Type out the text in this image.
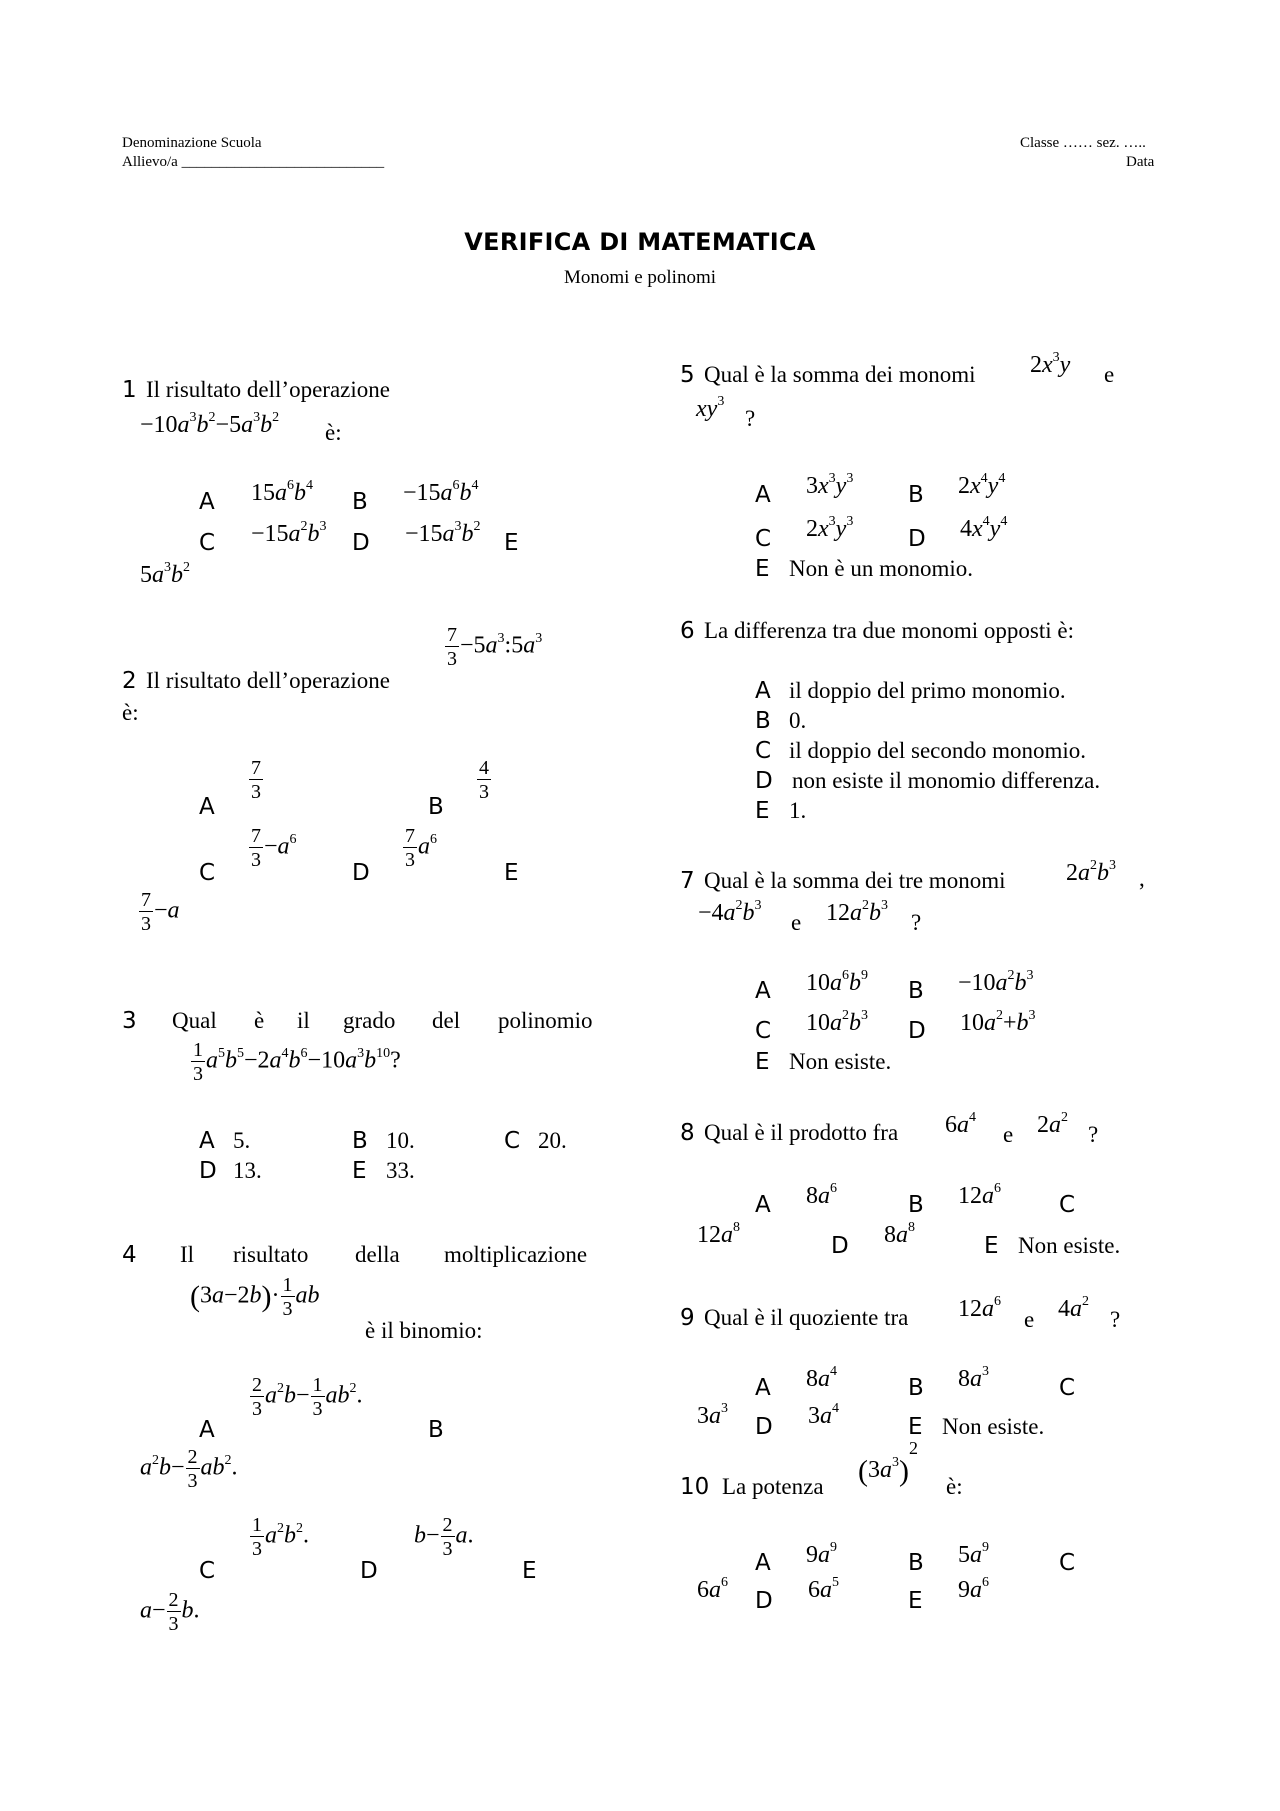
Denominazione Scuola
Allievo/a ___________________________
Classe …… sez. …..
Data
VERIFICA DI MATEMATICA
Monomi e polinomi
1 Il risultato dell’operazione
$-10a^3b^2-5a^3b^2$
è:
A $15a^6b^4$
$B -15a^6b^4$
$C -15a^2b^3$
$D -15a^3b^2$
E
$5a^3b^2$
2 Il risultato dell’operazione
$\frac{7}{3}$ $-5a^3:5a^3$
è:
A
$\frac{7}{3}$
B
$\frac{4}{3}$
C
$\frac{7}{3} -a^6$
D
$\frac{7}{3} a^6$
E
$\frac{7}{3} -a$
3 Qual è il grado del polinomio
$\frac{1}{3} a^5b^5-2a^4b^6-10a^3b^{10}$?
A 5.	B 10.	C 20.
D 13.	E 33.
4 Il risultato della moltiplicazione
$(3a-2b)\cdot \frac{1}{3}$ ab
è il binomio:
A
$\frac{2}{3} a^2b- \frac{1}{3} ab^2$.
B
$a^2b- \frac{2}{3} ab^2$.
C
$\frac{1}{3} a^2b^2$.
D
$b- \frac{2}{3} a$.
E
$a- \frac{2}{3} b$.
5 Qual è la somma dei monomi $2x^3y$ e
$xy^3$
?
A $3x^3y^3$
B $2x^4y^4$
C $2x^3y^3$
D $4x^4y^4$
E Non è un monomio.
6 La differenza tra due monomi opposti è:
A il doppio del primo monomio.
B 0.
C il doppio del secondo monomio.
D non esiste il monomio differenza.
E 1.
7 Qual è la somma dei tre monomi	$2a^2b^3$
,
$-4a^2b^3$
e $12a^2b^3$
?
A $10a^6b^9$
$B -10a^2b^3$
C $10a^2b^3$
D $10a^2+b^3$
E Non esiste.
8 Qual è il prodotto fra $6a^4$
e $2a^2$
?
A $8a^6$
B $12a^6$
C
$12a^8$
D $8a^8$
E Non esiste.
9 Qual è il quoziente tra $12a^6$
e $4a^2$
?
A $8a^4$
B $8a^3$
C
$3a^3$
D $3a^4$
E Non esiste.
10 La potenza $(3a^3)^2$
è:
A $9a^9$
B $5a^9$
C
$6a^6$
D $6a^5$
E $9a^6$
